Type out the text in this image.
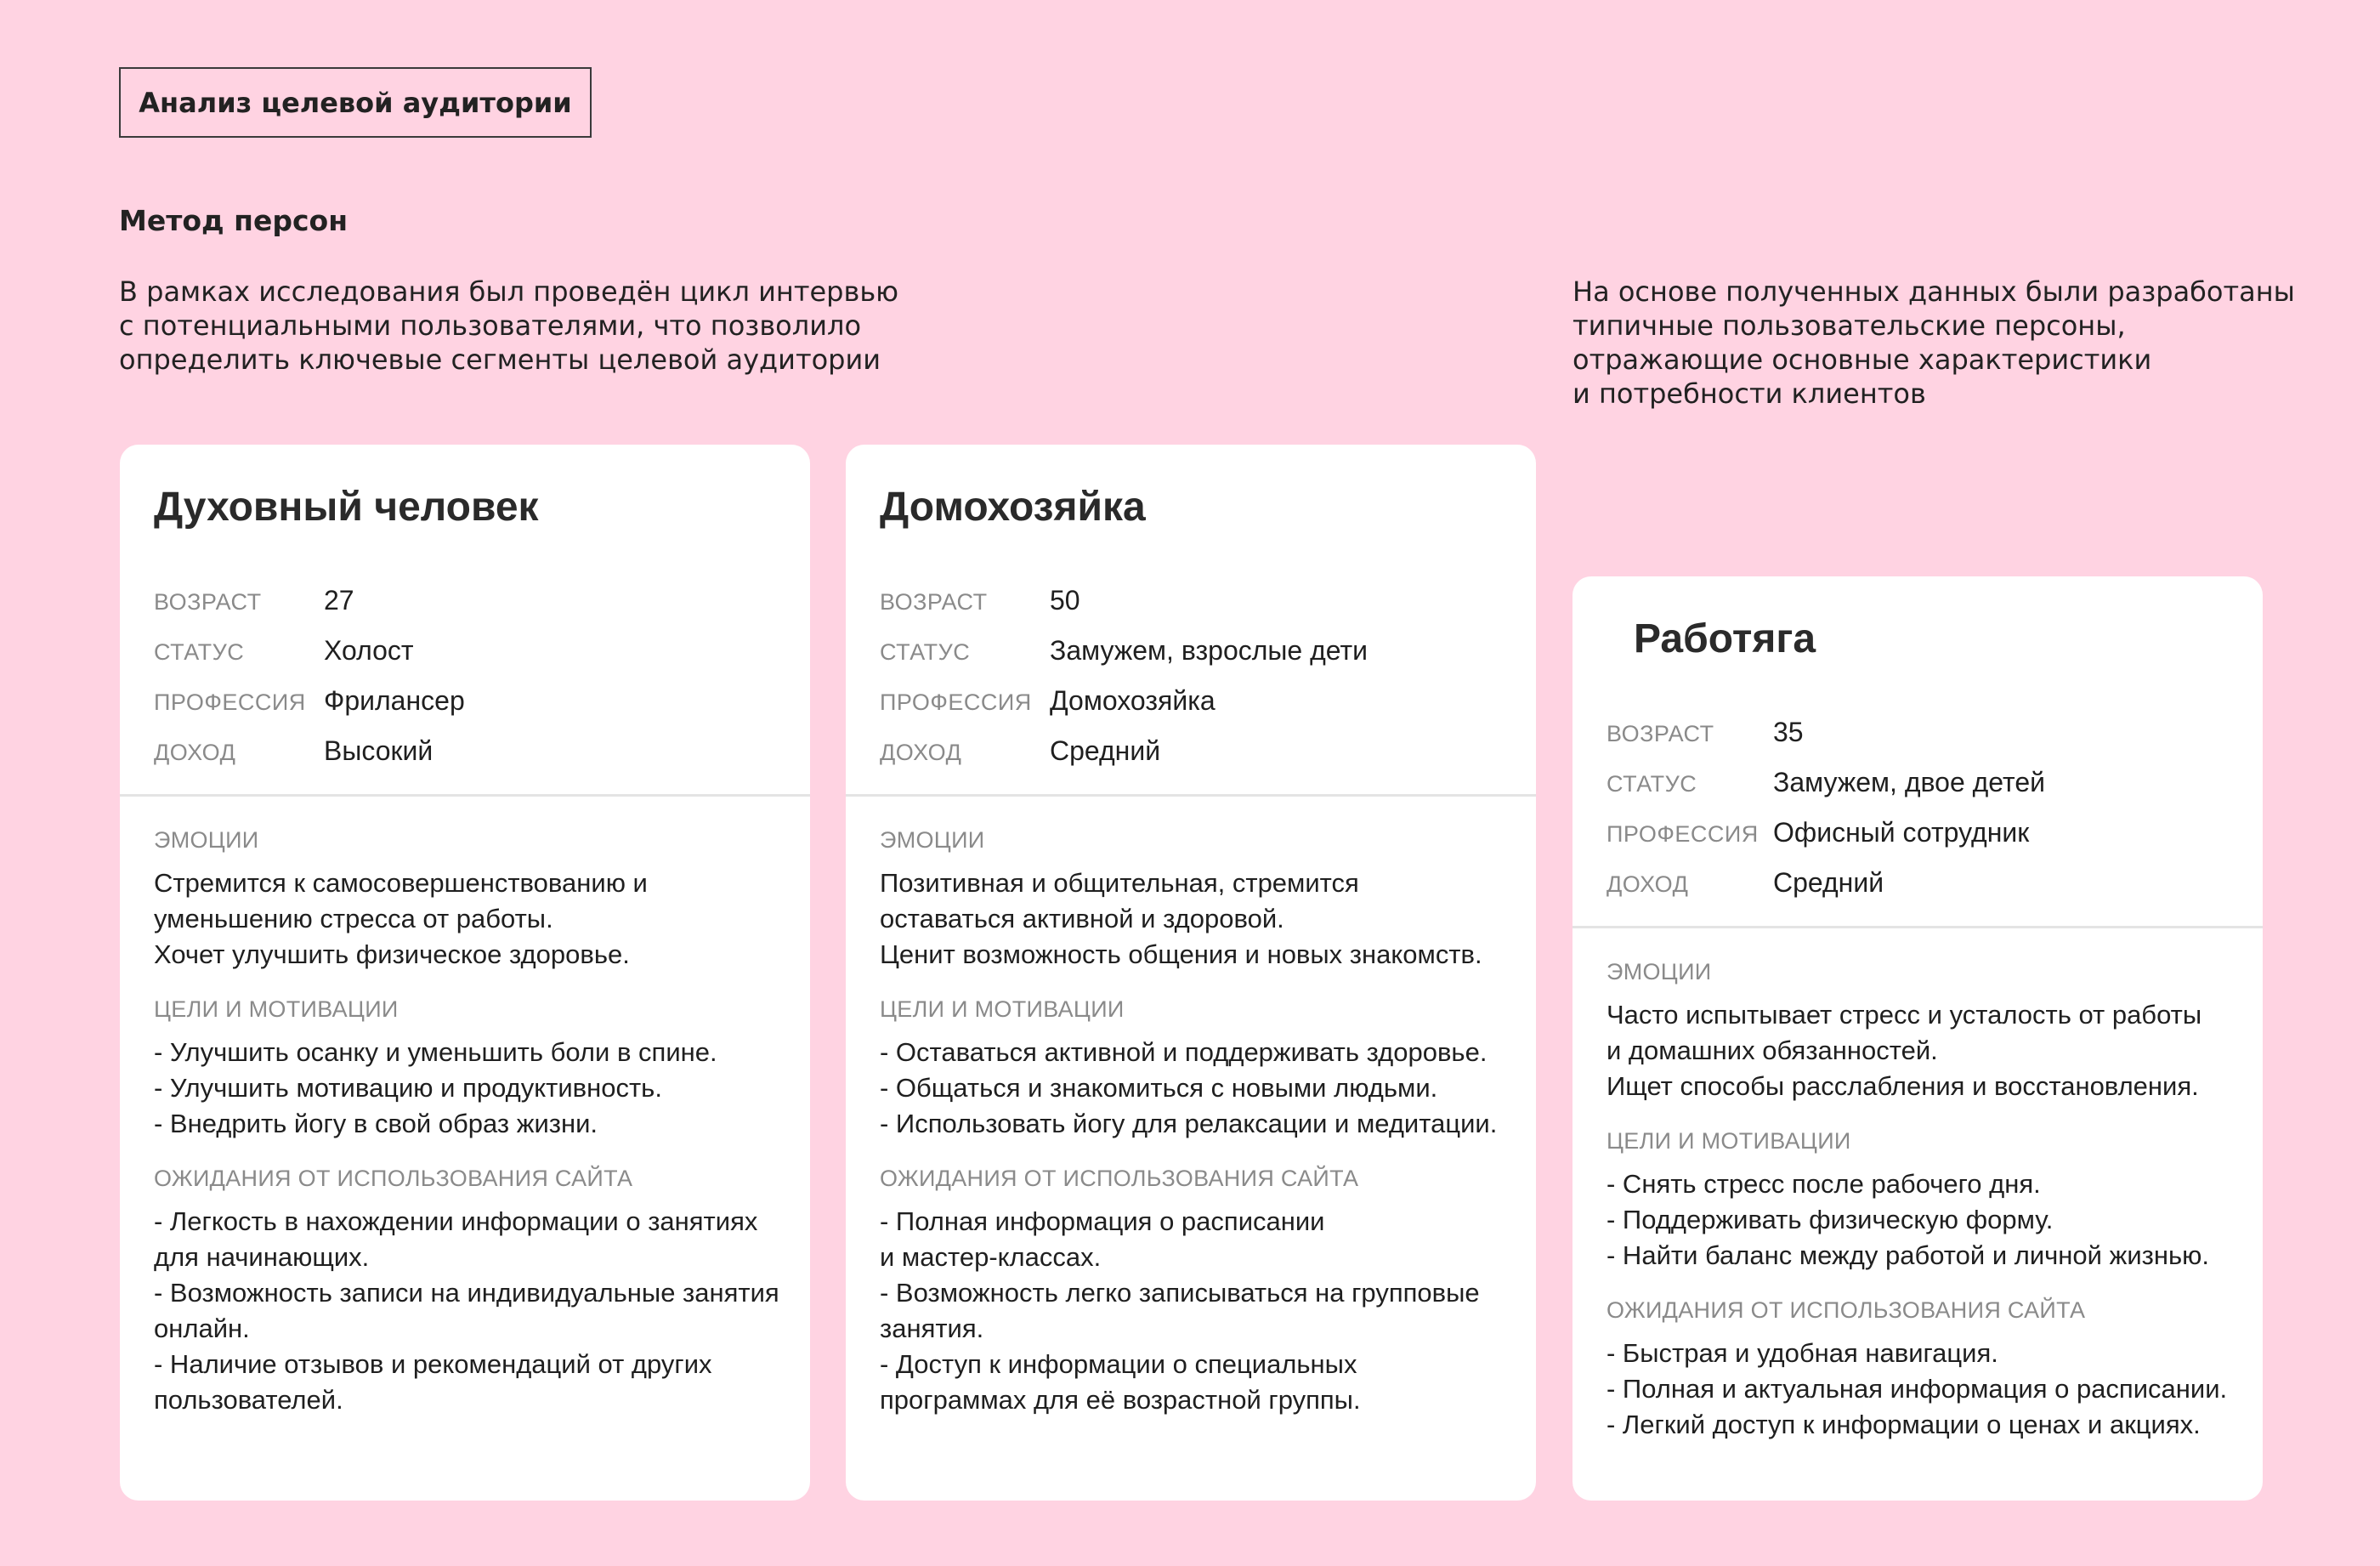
Анализ целевой аудитории
Метод персон

В рамках исследования был проведён цикл интервью
с потенциальными пользователями, что позволило
определить ключевые сегменты целевой аудитории

На основе полученных данных были разработаны
типичные пользовательские персоны,
отражающие основные характеристики
и потребности клиентов

Духовный человек
ВОЗРАСТ	27
СТАТУС	Холост
ПРОФЕССИЯ Фрилансер
ДОХОД	Высокий

ЭМОЦИИ

Стремится к самосовершенствованию и
уменьшению стресса от работы.
Хочет улучшить физическое здоровье.

ЦЕЛИ И МОТИВАЦИИ

- Улучшить осанку и уменьшить боли в спине.
- Улучшить мотивацию и продуктивность.
- Внедрить йогу в свой образ жизни.

ОЖИДАНИЯ ОТ ИСПОЛЬЗОВАНИЯ САЙТА

- Легкость в нахождении информации о занятиях
для начинающих.
- Возможность записи на индивидуальные занятия
онлайн.
- Наличие отзывов и рекомендаций от других
пользователей.

Домохозяйка
ВОЗРАСТ	50
СТАТУС	Замужем, взрослые дети
ПРОФЕССИЯ Домохозяйка
ДОХОД	Средний

ЭМОЦИИ

Позитивная и общительная, стремится
оставаться активной и здоровой.
Ценит возможность общения и новых знакомств.

ЦЕЛИ И МОТИВАЦИИ

- Оставаться активной и поддерживать здоровье.
- Общаться и знакомиться с новыми людьми.
- Использовать йогу для релаксации и медитации.

ОЖИДАНИЯ ОТ ИСПОЛЬЗОВАНИЯ САЙТА

- Полная информация о расписании
и мастер-классах.
- Возможность легко записываться на групповые
занятия.
- Доступ к информации о специальных
программах для её возрастной группы.

Работяга
ВОЗРАСТ	35
СТАТУС	Замужем, двое детей
ПРОФЕССИЯ Офисный сотрудник
ДОХОД	Средний

ЭМОЦИИ

Часто испытывает стресс и усталость от работы
и домашних обязанностей.
Ищет способы расслабления и восстановления.

ЦЕЛИ И МОТИВАЦИИ

- Снять стресс после рабочего дня.
- Поддерживать физическую форму.
- Найти баланс между работой и личной жизнью.

ОЖИДАНИЯ ОТ ИСПОЛЬЗОВАНИЯ САЙТА

- Быстрая и удобная навигация.
- Полная и актуальная информация о расписании.
- Легкий доступ к информации о ценах и акциях.
